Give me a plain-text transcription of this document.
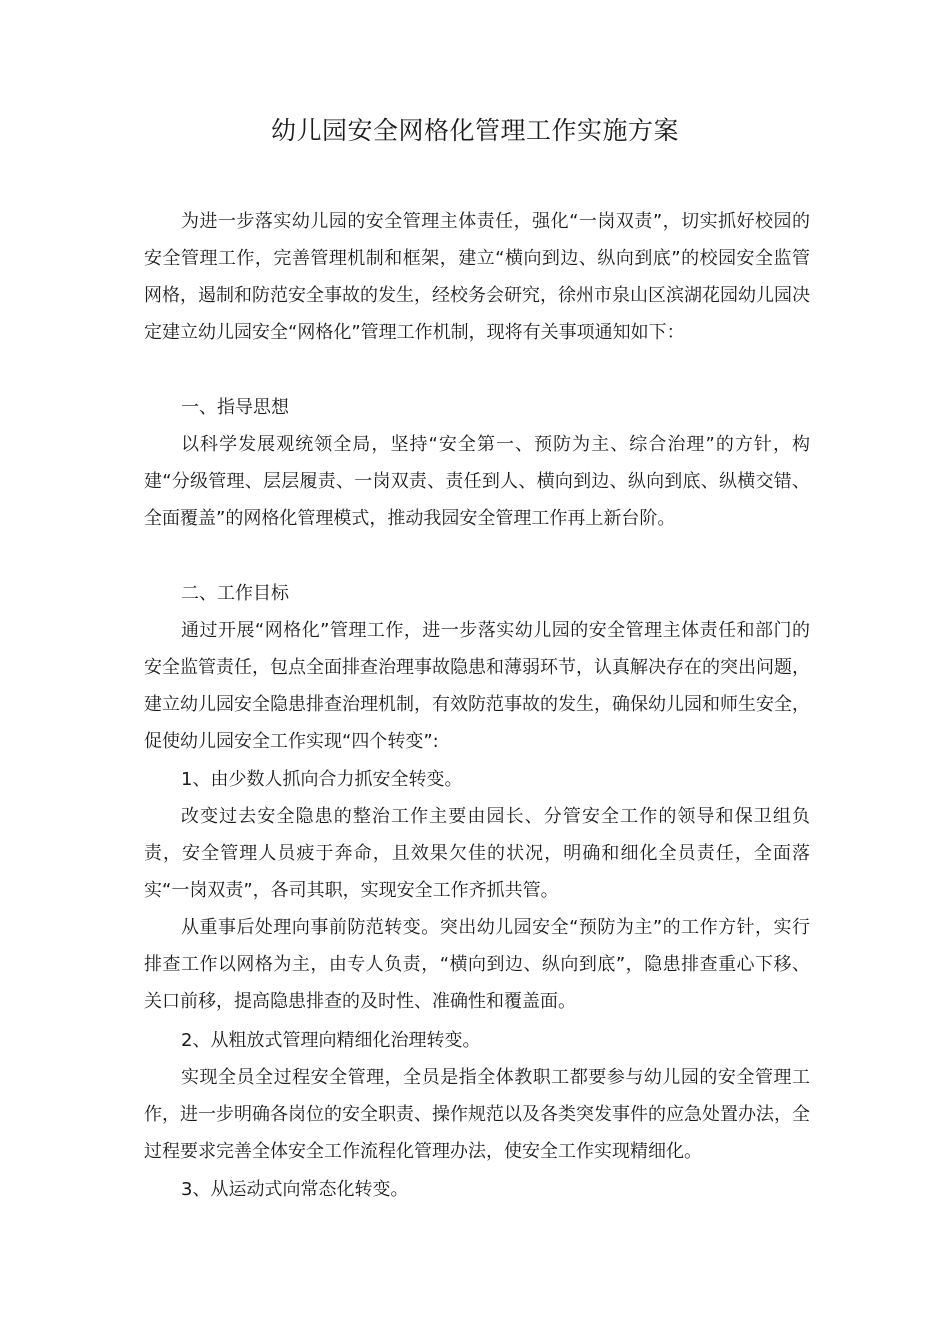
幼儿园安全网格化管理工作实施方案

为进一步落实幼儿园的安全管理主体责任，强化“一岗双责”，切实抓好校园的安全管理工作，完善管理机制和框架，建立“横向到边、纵向到底”的校园安全监管网格，遏制和防范安全事故的发生，经校务会研究，徐州市泉山区滨湖花园幼儿园决定建立幼儿园安全“网格化”管理工作机制，现将有关事项通知如下：

一、指导思想

以科学发展观统领全局，坚持“安全第一、预防为主、综合治理”的方针，构建“分级管理、层层履责、一岗双责、责任到人、横向到边、纵向到底、纵横交错、全面覆盖”的网格化管理模式，推动我园安全管理工作再上新台阶。

二、工作目标

通过开展“网格化”管理工作，进一步落实幼儿园的安全管理主体责任和部门的安全监管责任，包点全面排查治理事故隐患和薄弱环节，认真解决存在的突出问题，建立幼儿园安全隐患排查治理机制，有效防范事故的发生，确保幼儿园和师生安全，促使幼儿园安全工作实现“四个转变”:

1、由少数人抓向合力抓安全转变。

改变过去安全隐患的整治工作主要由园长、分管安全工作的领导和保卫组负责，安全管理人员疲于奔命，且效果欠佳的状况，明确和细化全员责任，全面落实“一岗双责”，各司其职，实现安全工作齐抓共管。

从重事后处理向事前防范转变。突出幼儿园安全“预防为主”的工作方针，实行排查工作以网格为主，由专人负责，“横向到边、纵向到底”，隐患排查重心下移、关口前移，提高隐患排查的及时性、准确性和覆盖面。

2、从粗放式管理向精细化治理转变。

实现全员全过程安全管理，全员是指全体教职工都要参与幼儿园的安全管理工作，进一步明确各岗位的安全职责、操作规范以及各类突发事件的应急处置办法，全过程要求完善全体安全工作流程化管理办法，使安全工作实现精细化。

3、从运动式向常态化转变。
